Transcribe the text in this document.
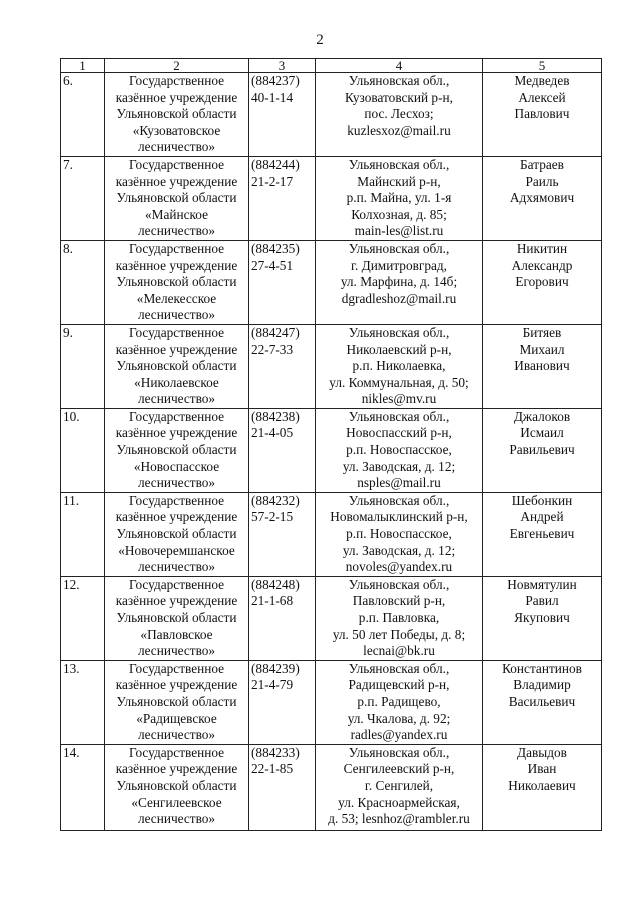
2
1	2	3	4	5
6.	Государственное
казённое учреждение
Ульяновской области
«Кузоватовское
лесничество»	(884237)
40-1-14	Ульяновская обл.,
Кузоватовский р-н,
пос. Лесхоз;
kuzlesxoz@mail.ru	Медведев
Алексей
Павлович

7.	Государственное
казённое учреждение
Ульяновской области
«Майнское
лесничество»	(884244)
21-2-17	Ульяновская обл.,
Майнский р-н,
р.п. Майна, ул. 1-я
Колхозная, д. 85;
main-les@list.ru	Батраев
Раиль
Адхямович

8.	Государственное
казённое учреждение
Ульяновской области
«Мелекесское
лесничество»	(884235)
27-4-51	Ульяновская обл.,
г. Димитровград,
ул. Марфина, д. 14б;
dgradleshoz@mail.ru	Никитин
Александр
Егорович

9.	Государственное
казённое учреждение
Ульяновской области
«Николаевское
лесничество»	(884247)
22-7-33	Ульяновская обл.,
Николаевский р-н,
р.п. Николаевка,
ул. Коммунальная, д. 50;
nikles@mv.ru	Битяев
Михаил
Иванович

10.	Государственное
казённое учреждение
Ульяновской области
«Новоспасское
лесничество»	(884238)
21-4-05	Ульяновская обл.,
Новоспасский р-н,
р.п. Новоспасское,
ул. Заводская, д. 12;
nsples@mail.ru	Джалоков
Исмаил
Равильевич

11.	Государственное
казённое учреждение
Ульяновской области
«Новочеремшанское
лесничество»	(884232)
57-2-15	Ульяновская обл.,
Новомалыклинский р-н,
р.п. Новоспасское,
ул. Заводская, д. 12;
novoles@yandex.ru	Шебонкин
Андрей
Евгеньевич

12.	Государственное
казённое учреждение
Ульяновской области
«Павловское
лесничество»	(884248)
21-1-68	Ульяновская обл.,
Павловский р-н,
р.п. Павловка,
ул. 50 лет Победы, д. 8;
lecnai@bk.ru	Новмятулин
Равил
Якупович

13.	Государственное
казённое учреждение
Ульяновской области
«Радищевское
лесничество»	(884239)
21-4-79	Ульяновская обл.,
Радищевский р-н,
р.п. Радищево,
ул. Чкалова, д. 92;
radles@yandex.ru	Константинов
Владимир
Васильевич

14.	Государственное
казённое учреждение
Ульяновской области
«Сенгилеевское
лесничество»	(884233)
22-1-85	Ульяновская обл.,
Сенгилеевский р-н,
г. Сенгилей,
ул. Красноармейская,
д. 53; lesnhoz@rambler.ru	Давыдов
Иван
Николаевич
